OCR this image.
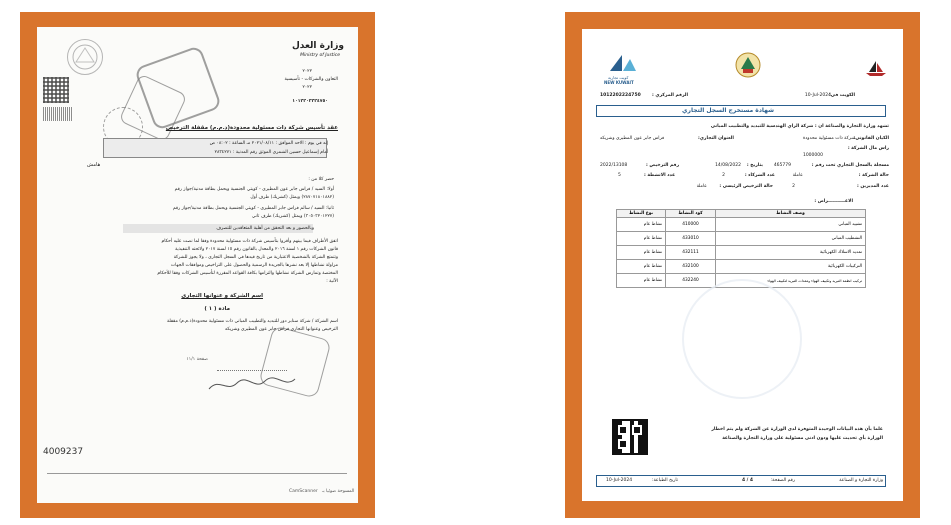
وزارة العدل
Ministry of Justice
٢٠٢٢
التعاون والشركات - تأسيسية
٢٠٢٢
١٠١٢٢٠٢٢٢٤٧٥٠
عقد تأسيس شركة ذات مسئولية محدودة(ذ.م.م) مقفلة الترخيص
إنه في يوم : الاحد الموافق : ٢٠٢١/٠٨/١١ مـ الساعة : ٠٨:٠٢ ص
أمام إسماعيل حسين الشمري الموثق رقم المدنية : ٢٨٣٤٢٧١
هامش
حضر كلا من :
أولا: السيد / فراس جابر عون المطيري - كويتي الجنسية ويحمل بطاقة مدنية/جواز رقم
(٢٨٧٠٧١٨٠١٨٨٢) ويمثل (كشريك) طرف أول
ثانيا: السيد / سالم فراس جابر المطيري - كويتي الجنسية ويحمل بطاقة مدنية/جواز رقم
(٣٠٥٠٣٢٠١٢٢٧) ويمثل (كشريك) طرف ثاني
وبالحضور و بعد التحقق من أهلية المتعاقدين للتصرف
اتفق الأطراف فيما بينهم وأقروا بتأسيس شركة ذات مسئولية محدودة وفقا لما نصت عليه أحكام
قانون الشركات رقم ١ لسنة ٢٠١٦ والمعدل بالقانون رقم ١٥ لسنة ٢٠١٧ ولائحته التنفيذية
وتتمتع الشركة بالشخصية الاعتبارية من تاريخ قيدها في السجل التجاري ، ولا يجوز للشركة
مزاولة نشاطها إلا بعد نشرها بالجريدة الرسمية والحصول على التراخيص وموافقات الجهات
المختصة وتمارس الشركة نشاطها والتزامها بكافة القواعد المقررة لتأسيس الشركات وفقا للأحكام
الآتية :
اسم الشركة و عنوانها التجاري
مادة ( ١ )
اسم الشركة / شركة سنابر دور للتبديد والتطبيب المباني ذات مسئولية محدودة(ذ.م.م) مقفلة
الترخيص وعنوانها التجاري فراس جابر عون المطيري وشريكه
صفحة ١١/١
4009237
CamScanner المسوحة ضوئيا بـ
كويت تجارية
NEW KUWAIT
الكويت في:
10-Jul-2024
الرقم المركزي :
1012202224750
شهادة مستخرج السجل التجاري
تشهد وزارة التجارة والصناعة ان : شركة الراي الهندسية للتبديد والتطبيب المباني
الكيان القانوني:
شركة ذات مسئولية محدودة
العنوان التجاري:
فراس جابر عون المطيري وشريكه
راس مال الشركة :
1000000
مسجلة بالسجل التجاري تحت رقم :
465779
بتاريخ :
14/08/2022
رقم الترخيص :
2022/13108
حالة الشركة :
عاملة
عدد الشركاء :
2
عدد الانشطة :
5
عدد المديرين :
2
حالة الترخيص الرئيسي :
عاملة
الاغـــــــــــراض :
وصف النشاط	كود النشاط	نوع النشاط
تشييد المباني	410000	نشاط عام
التشطيب المباني	433010	نشاط عام
تمديد الاسلاك الكهربائية	432111	نشاط عام
التركيبات الكهربائية	432100	نشاط عام
تركيب انظمة التبريد وتكييف الهواء ومعدات التبريد لتكييف الهواء	432240	نشاط عام
علما بأن هذه البيانات الوحيدة المتوفرة لدى الوزارة عن الشركة ولم يتم اخطار
الوزارة بأي تحديث عليها ودون ادنى مسئولية على وزارة التجارة والصناعة
وزارة التجارة و الصناعة
رقم الصفحة:
4 / 4
تاريخ الطباعة:
10-Jul-2024
